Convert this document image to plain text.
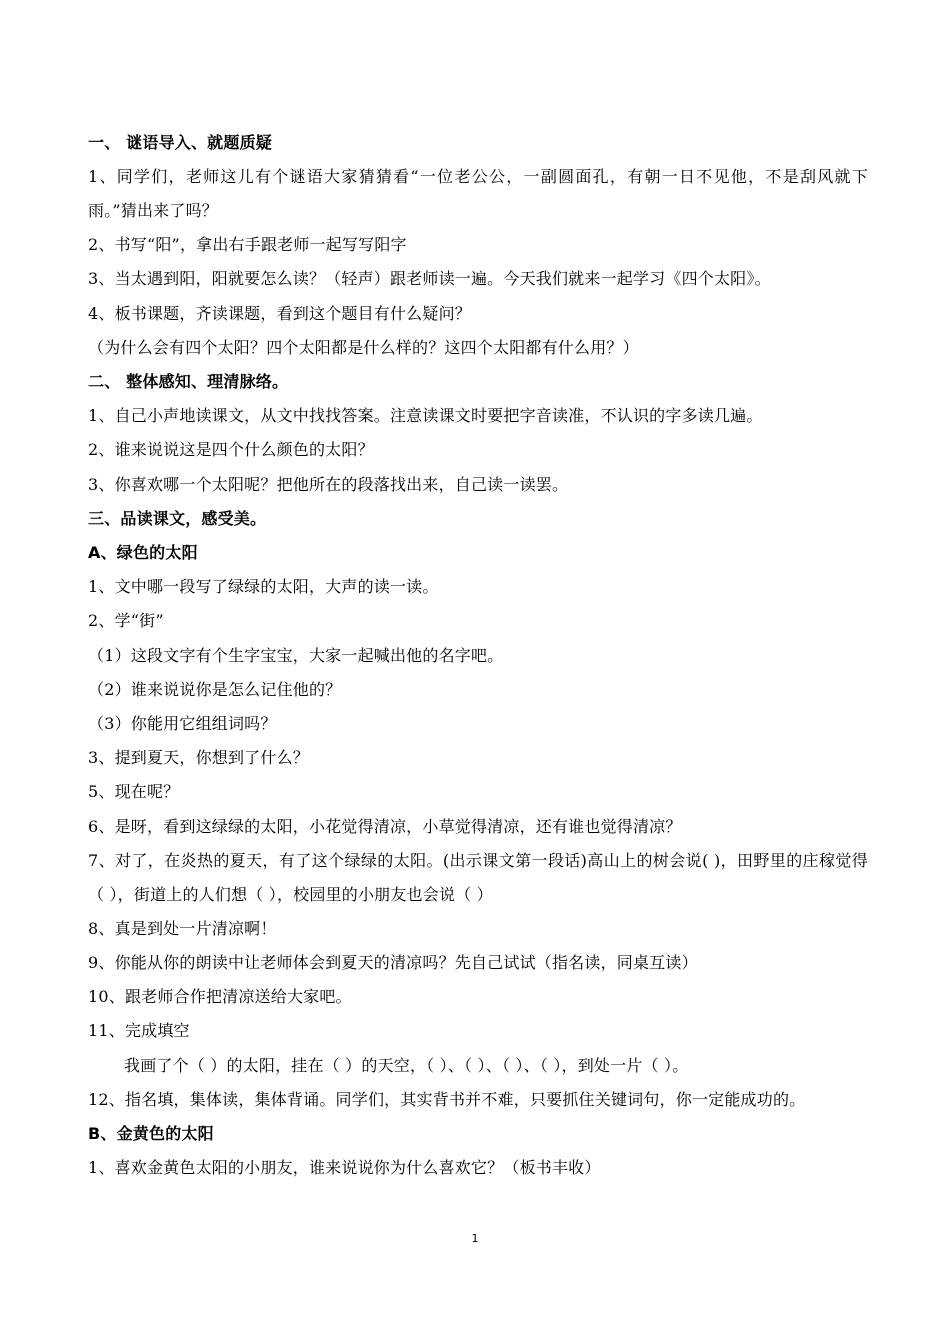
一、 谜语导入、就题质疑
1、同学们，老师这儿有个谜语大家猜猜看“一位老公公，一副圆面孔，有朝一日不见他，不是刮风就下雨。”猜出来了吗？
2、书写“阳”，拿出右手跟老师一起写写阳字
3、当太遇到阳，阳就要怎么读？（轻声）跟老师读一遍。今天我们就来一起学习《四个太阳》。
4、板书课题，齐读课题，看到这个题目有什么疑问？
（为什么会有四个太阳？四个太阳都是什么样的？这四个太阳都有什么用？）
二、 整体感知、理清脉络。
1、自己小声地读课文，从文中找找答案。注意读课文时要把字音读准，不认识的字多读几遍。
2、谁来说说这是四个什么颜色的太阳？
3、你喜欢哪一个太阳呢？把他所在的段落找出来，自己读一读罢。
三、品读课文，感受美。
A、绿色的太阳
1、文中哪一段写了绿绿的太阳，大声的读一读。
2、学“街”
（1）这段文字有个生字宝宝，大家一起喊出他的名字吧。
（2）谁来说说你是怎么记住他的？
（3）你能用它组组词吗？
3、提到夏天，你想到了什么？
5、现在呢？
6、是呀，看到这绿绿的太阳，小花觉得清凉，小草觉得清凉，还有谁也觉得清凉？
7、对了，在炎热的夏天，有了这个绿绿的太阳。(出示课文第一段话)高山上的树会说( )，田野里的庄稼觉得（ ），街道上的人们想（ ），校园里的小朋友也会说（ ）
8、真是到处一片清凉啊！
9、你能从你的朗读中让老师体会到夏天的清凉吗？先自己试试（指名读，同桌互读）
10、跟老师合作把清凉送给大家吧。
11、完成填空
我画了个（ ）的太阳，挂在（ ）的天空，（ ）、（ ）、（ ）、（ ），到处一片（ ）。
12、指名填，集体读，集体背诵。同学们，其实背书并不难，只要抓住关键词句，你一定能成功的。
B、金黄色的太阳
1、喜欢金黄色太阳的小朋友，谁来说说你为什么喜欢它？（板书丰收）
1
